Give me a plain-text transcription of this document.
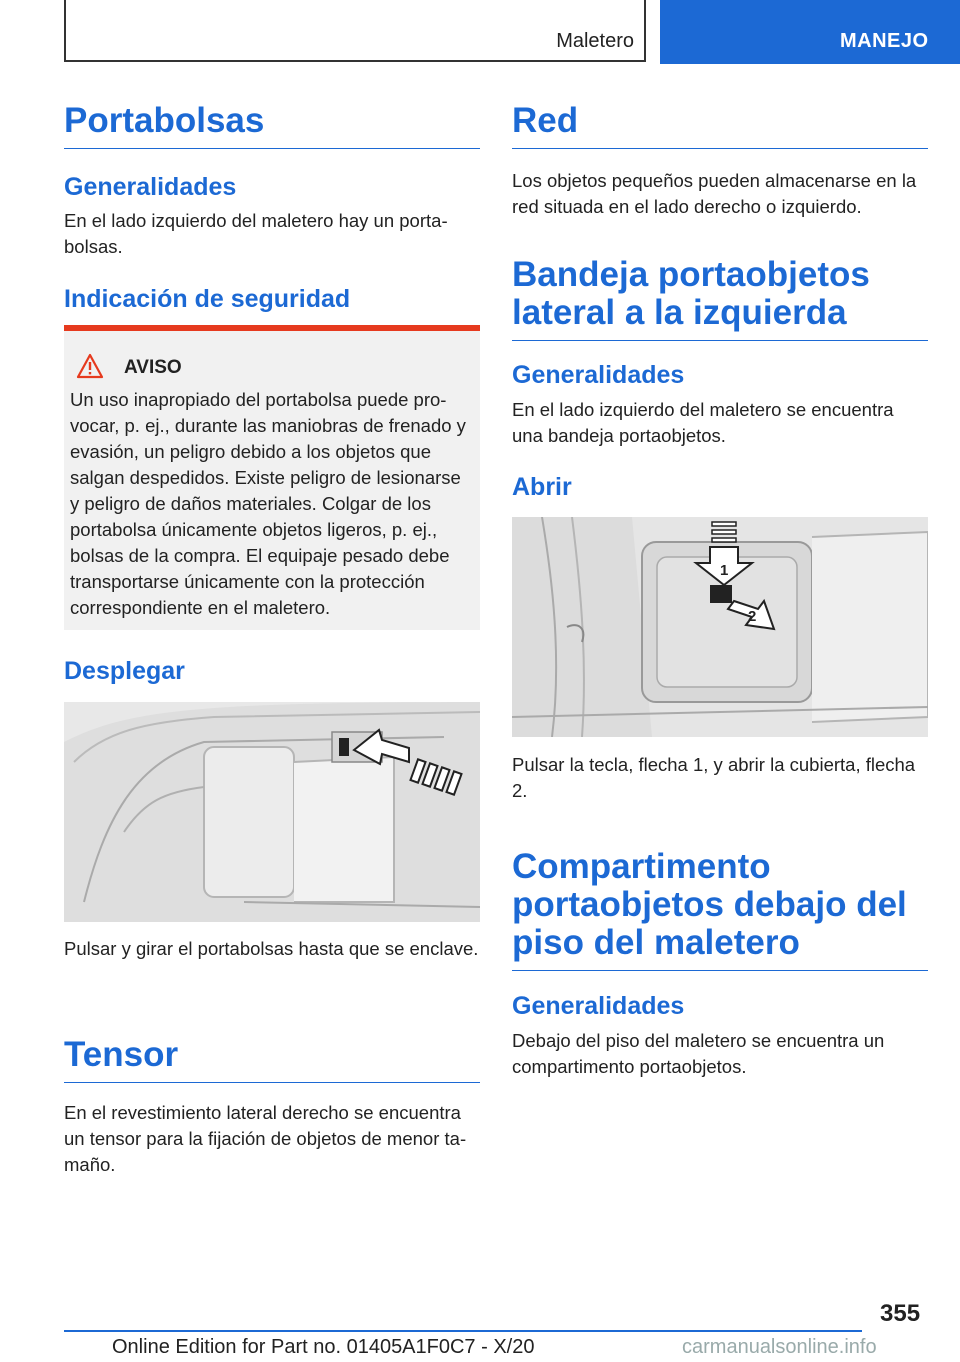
Maletero	MANEJO
Portabolsas
Generalidades
En el lado izquierdo del maletero hay un portabolsas.
Indicación de seguridad
AVISO
Un uso inapropiado del portabolsa puede provocar, p. ej., durante las maniobras de frenado y evasión, un peligro debido a los objetos que salgan despedidos. Existe peligro de lesionarse y peligro de daños materiales. Colgar de los portabolsa únicamente objetos ligeros, p. ej., bolsas de la compra. El equipaje pesado debe transportarse únicamente con la protección correspondiente en el maletero.
Desplegar
Pulsar y girar el portabolsas hasta que se enclave.
Tensor
En el revestimiento lateral derecho se encuentra un tensor para la fijación de objetos de menor tamaño.
Red
Los objetos pequeños pueden almacenarse en la red situada en el lado derecho o izquierdo.
Bandeja portaobjetos lateral a la izquierda
Generalidades
En el lado izquierdo del maletero se encuentra una bandeja portaobjetos.
Abrir
1
2
Pulsar la tecla, flecha 1, y abrir la cubierta, flecha 2.
Compartimento portaobjetos debajo del piso del maletero
Generalidades
Debajo del piso del maletero se encuentra un compartimento portaobjetos.
355
Online Edition for Part no. 01405A1F0C7 - X/20	carmanualsonline.info
